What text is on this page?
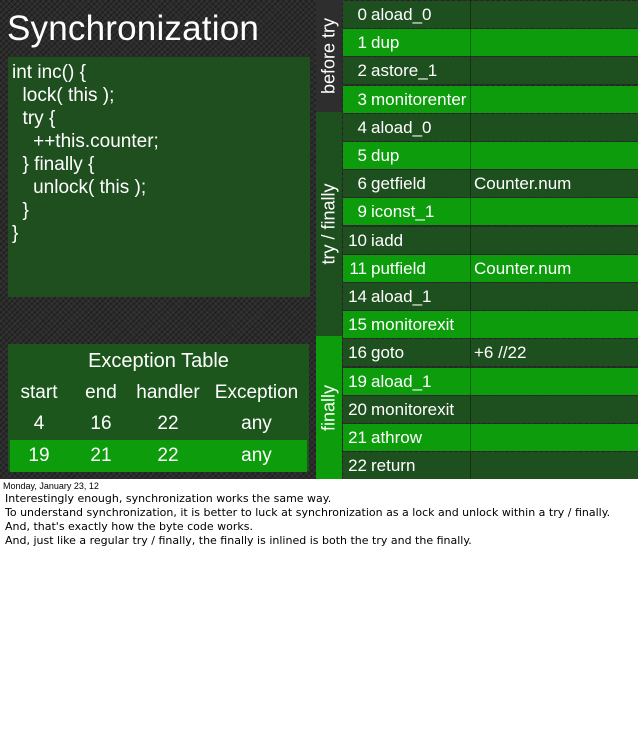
Synchronization
int inc() {
lock( this );
try {
++this.counter;
} finally {
unlock( this );
}
}
Exception Table
start	end	handler Exception
4	16	22	any
19	21	22	any
before try
try / finally
finally
0 aload_0
1 dup
2 astore_1
3 monitorenter
4 aload_0
5 dup
6 getfield	Counter.num
9 iconst_1
10 iadd
11 putfield	Counter.num
14 aload_1
15 monitorexit
16 goto	+6 //22
19 aload_1
20 monitorexit
21 athrow
22 return
Monday, January 23, 12
Interestingly enough, synchronization works the same way.
To understand synchronization, it is better to luck at synchronization as a lock and unlock within a try / finally.
And, that's exactly how the byte code works.
And, just like a regular try / finally, the finally is inlined is both the try and the finally.
